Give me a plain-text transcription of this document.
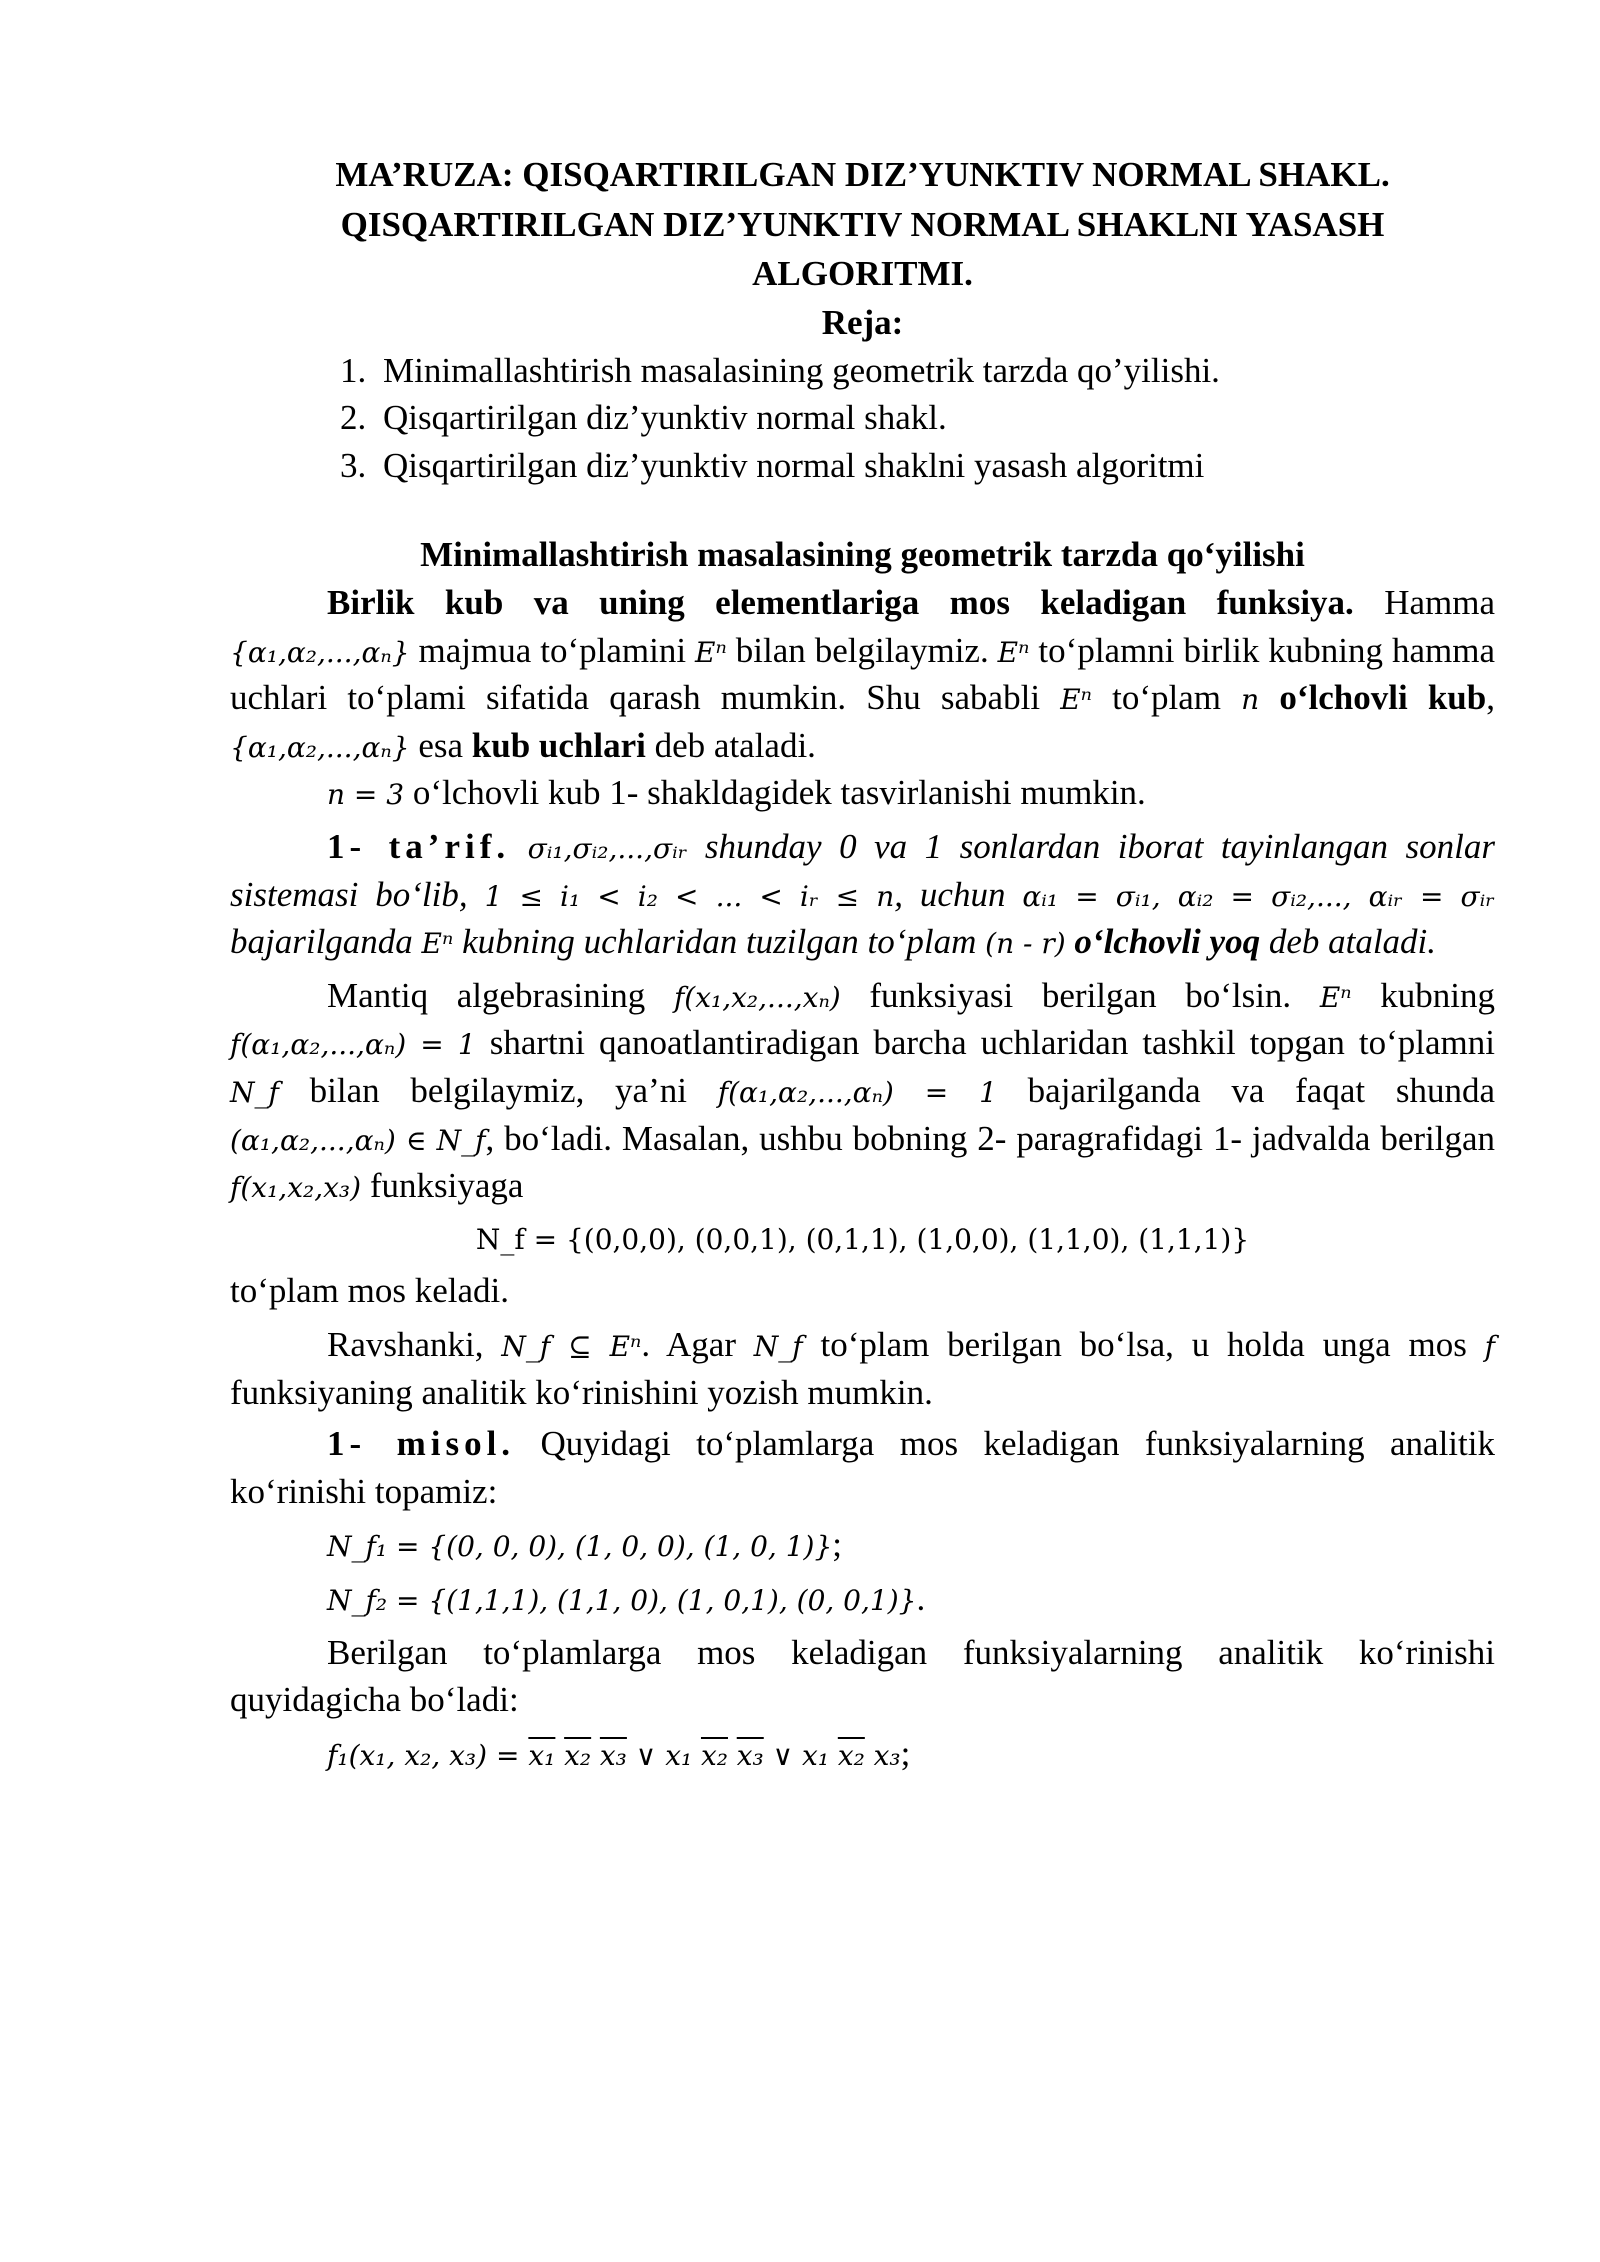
MA’RUZA: QISQARTIRILGAN DIZ’YUNKTIV NORMAL SHAKL.
QISQARTIRILGAN DIZ’YUNKTIV NORMAL SHAKLNI YASASH
ALGORITMI.
Reja:
1. Minimallashtirish masalasining geometrik tarzda qo’yilishi.
2. Qisqartirilgan diz’yunktiv normal shakl.
3. Qisqartirilgan diz’yunktiv normal shaklni yasash algoritmi
Minimallashtirish masalasining geometrik tarzda qo‘yilishi

Birlik kub va uning elementlariga mos keladigan funksiya. Hamma {α₁,α₂,...,αₙ} majmua to‘plamini Eⁿ bilan belgilaymiz. Eⁿ to‘plamni birlik kubning hamma uchlari to‘plami sifatida qarash mumkin. Shu sababli Eⁿ to‘plam n o‘lchovli kub, {α₁,α₂,...,αₙ} esa kub uchlari deb ataladi.

n = 3 o‘lchovli kub 1- shakldagidek tasvirlanishi mumkin.

1- ta’rif. σᵢ₁,σᵢ₂,...,σᵢᵣ shunday 0 va 1 sonlardan iborat tayinlangan sonlar sistemasi bo‘lib, 1 ≤ i₁ < i₂ < ... < iᵣ ≤ n, uchun αᵢ₁ = σᵢ₁, αᵢ₂ = σᵢ₂,..., αᵢᵣ = σᵢᵣ bajarilganda Eⁿ kubning uchlaridan tuzilgan to‘plam (n - r) o‘lchovli yoq deb ataladi.

Mantiq algebrasining f(x₁,x₂,...,xₙ) funksiyasi berilgan bo‘lsin. Eⁿ kubning f(α₁,α₂,...,αₙ) = 1 shartni qanoatlantiradigan barcha uchlaridan tashkil topgan to‘plamni N_f bilan belgilaymiz, ya’ni f(α₁,α₂,...,αₙ) = 1 bajarilganda va faqat shunda (α₁,α₂,...,αₙ) ∈ N_f, bo‘ladi. Masalan, ushbu bobning 2- paragrafidagi 1- jadvalda berilgan f(x₁,x₂,x₃) funksiyaga

N_f = {(0,0,0), (0,0,1), (0,1,1), (1,0,0), (1,1,0), (1,1,1)}

to‘plam mos keladi.

Ravshanki, N_f ⊆ Eⁿ. Agar N_f to‘plam berilgan bo‘lsa, u holda unga mos f funksiyaning analitik ko‘rinishini yozish mumkin.

1- misol. Quyidagi to‘plamlarga mos keladigan funksiyalarning analitik ko‘rinishi topamiz:

N_f₁ = {(0, 0, 0), (1, 0, 0), (1, 0, 1)};
N_f₂ = {(1,1,1), (1,1, 0), (1, 0,1), (0, 0,1)}.

Berilgan to‘plamlarga mos keladigan funksiyalarning analitik ko‘rinishi quyidagicha bo‘ladi:

f₁(x₁, x₂, x₃) = x₁ x₂ x₃ ∨ x₁ x₂ x₃ ∨ x₁ x₂ x₃;
